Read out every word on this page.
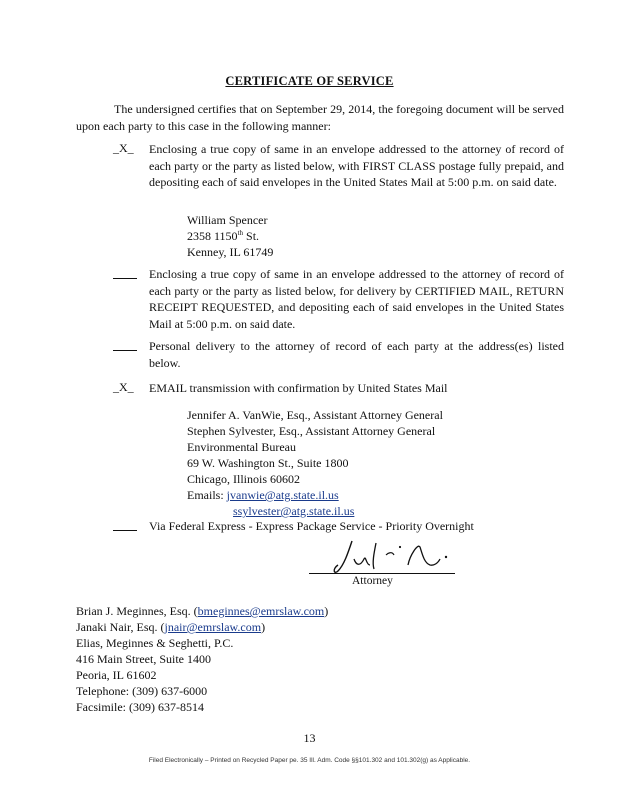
CERTIFICATE OF SERVICE
The undersigned certifies that on September 29, 2014, the foregoing document will be served upon each party to this case in the following manner:
_X_	Enclosing a true copy of same in an envelope addressed to the attorney of record of each party or the party as listed below, with FIRST CLASS postage fully prepaid, and depositing each of said envelopes in the United States Mail at 5:00 p.m. on said date.
William Spencer
2358 1150th St.
Kenney, IL 61749
Enclosing a true copy of same in an envelope addressed to the attorney of record of each party or the party as listed below, for delivery by CERTIFIED MAIL, RETURN RECEIPT REQUESTED, and depositing each of said envelopes in the United States Mail at 5:00 p.m. on said date.
Personal delivery to the attorney of record of each party at the address(es) listed below.
_X_	EMAIL transmission with confirmation by United States Mail
Jennifer A. VanWie, Esq., Assistant Attorney General
Stephen Sylvester, Esq., Assistant Attorney General
Environmental Bureau
69 W. Washington St., Suite 1800
Chicago, Illinois 60602
Emails: jvanwie@atg.state.il.us
ssylvester@atg.state.il.us
Via Federal Express - Express Package Service - Priority Overnight
Attorney
Brian J. Meginnes, Esq. (bmeginnes@emrslaw.com)
Janaki Nair, Esq. (jnair@emrslaw.com)
Elias, Meginnes & Seghetti, P.C.
416 Main Street, Suite 1400
Peoria, IL 61602
Telephone: (309) 637-6000
Facsimile: (309) 637-8514
13
Filed Electronically – Printed on Recycled Paper pe. 35 Ill. Adm. Code §§101.302 and 101.302(g) as Applicable.
